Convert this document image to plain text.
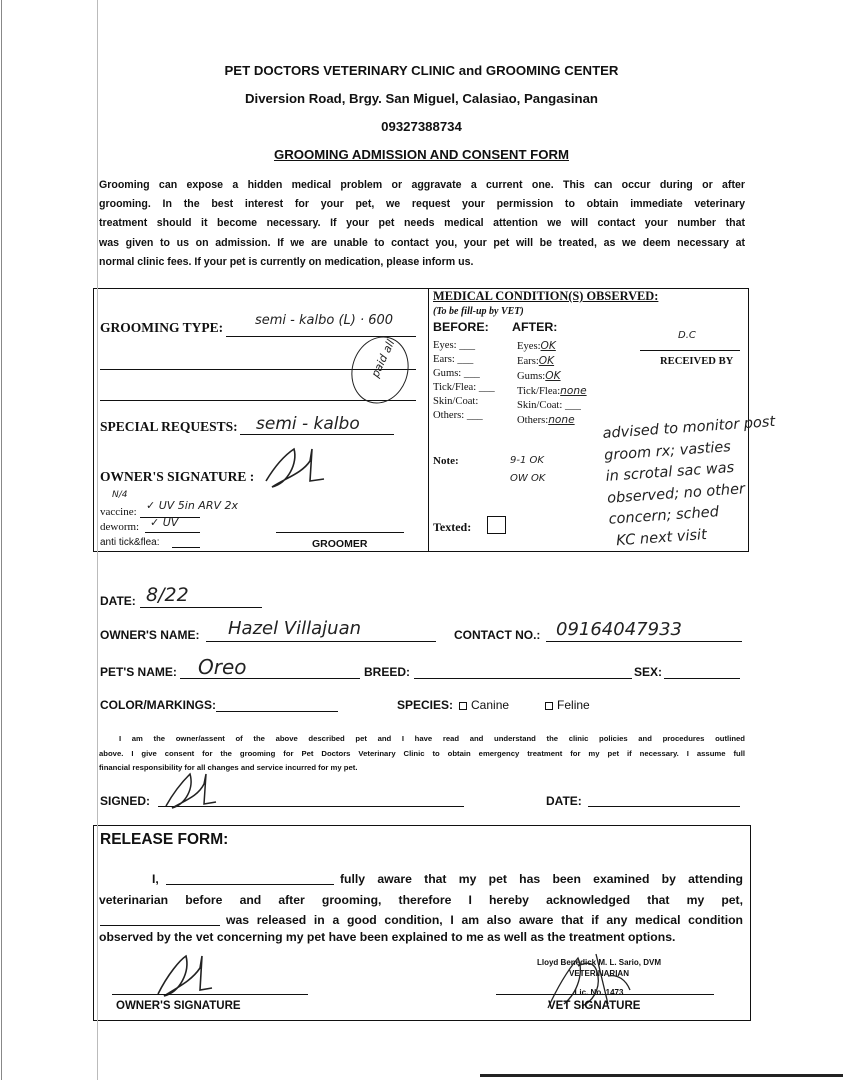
PET DOCTORS VETERINARY CLINIC and GROOMING CENTER
Diversion Road, Brgy. San Miguel, Calasiao, Pangasinan
09327388734
GROOMING ADMISSION AND CONSENT FORM
Grooming can expose a hidden medical problem or aggravate a current one. This can occur during or after
grooming. In the best interest for your pet, we request your permission to obtain immediate veterinary
treatment should it become necessary. If your pet needs medical attention we will contact your number that
was given to us on admission. If we are unable to contact you, your pet will be treated, as we deem necessary at
normal clinic fees. If your pet is currently on medication, please inform us.
GROOMING TYPE: semi - kalbo (L) · 600
paid all
SPECIAL REQUESTS: semi - kalbo
OWNER'S SIGNATURE :
N/4
vaccine: ✓ UV 5in ARV 2x
deworm: ✓ UV
anti tick&flea:	GROOMER
MEDICAL CONDITION(S) OBSERVED:
(To be fill-up by VET)
BEFORE: AFTER:
Eyes: ___
Ears: ___
Gums: ___
Tick/Flea: ___
Skin/Coat:
Others: ___
Eyes:OK
Ears:OK
Gums:OK
Tick/Flea:none
Skin/Coat: ___
Others:none
D.C
RECEIVED BY
Note:	9-1 OK
OW OK
Texted:
advised to monitor post
groom rx; vasties
in scrotal sac was
observed; no other
concern; sched
KC next visit
DATE: 8/22
OWNER'S NAME: Hazel Villajuan	CONTACT NO.: 09164047933
PET'S NAME: Oreo	BREED:	SEX:
COLOR/MARKINGS:	SPECIES: Canine	Feline
I am the owner/assent of the above described pet and I have read and understand the clinic policies and procedures outlined
above. I give consent for the grooming for Pet Doctors Veterinary Clinic to obtain emergency treatment for my pet if necessary. I assume full
financial responsibility for all changes and service incurred for my pet.
SIGNED:	DATE:
RELEASE FORM:
I,	fully aware that my pet has been examined by attending
veterinarian before and after grooming, therefore I hereby acknowledged that my pet,
was released in a good condition, I am also aware that if any medical condition
observed by the vet concerning my pet have been explained to me as well as the treatment options.
OWNER'S SIGNATURE
Lloyd Benedick M. L. Sario, DVM
VETERINARIAN
Lic. No. 1473
VET SIGNATURE
